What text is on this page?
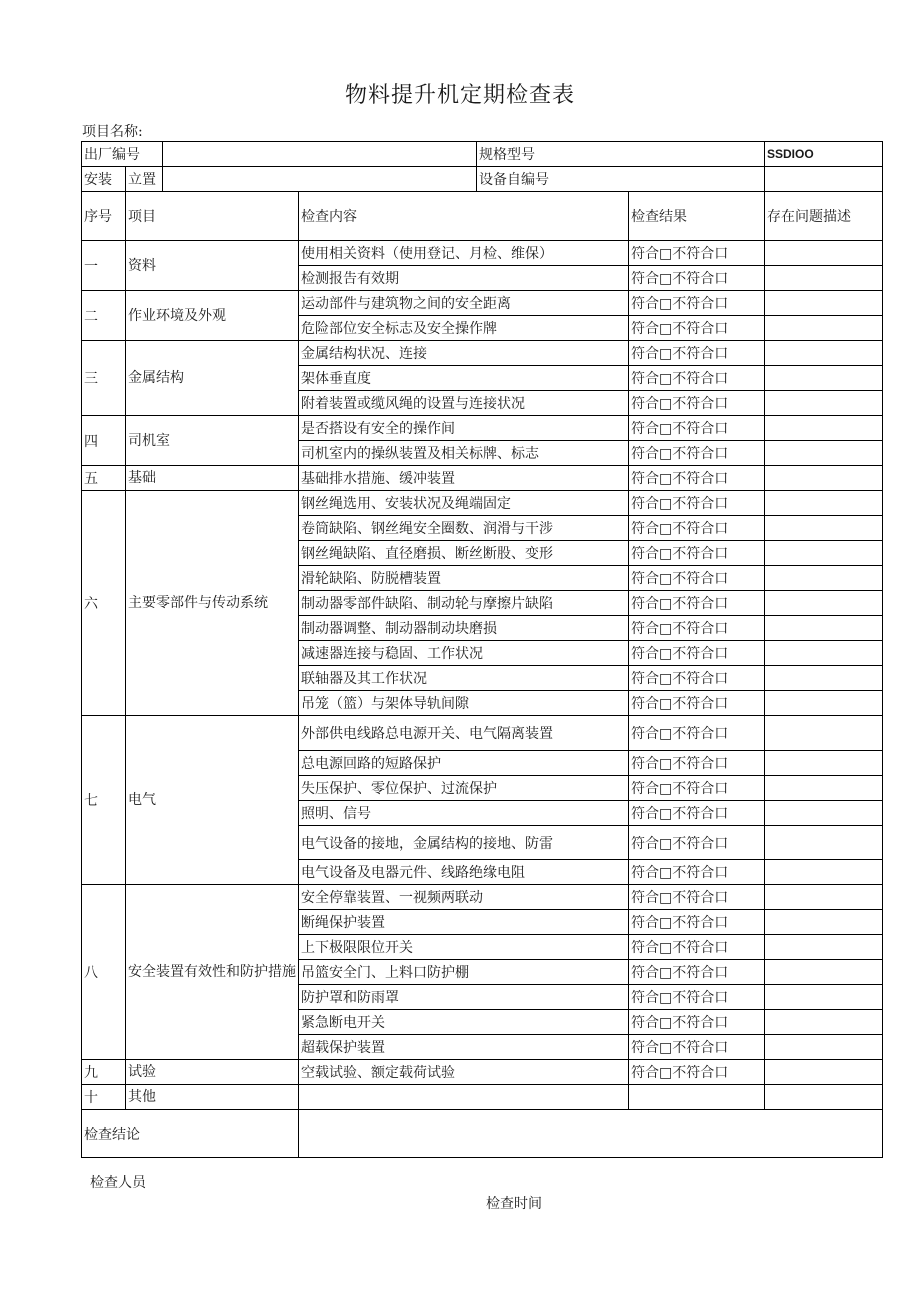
物料提升机定期检查表
项目名称:
出厂编号				规格型号		SSDIOO
安装	立置			设备自编号		
序号	项目		检查内容		检查结果	存在问题描述
一	资料		使用相关资料（使用登记、月检、维保）		符合□不符合口	
			检测报告有效期		符合□不符合口	
二	作业环境及外观		运动部件与建筑物之间的安全距离		符合□不符合口	
			危险部位安全标志及安全操作牌		符合□不符合口	
三	金属结构		金属结构状况、连接		符合□不符合口	
			架体垂直度		符合□不符合口	
			附着装置或缆风绳的设置与连接状况		符合□不符合口	
四	司机室		是否搭设有安全的操作间		符合□不符合口	
			司机室内的操纵装置及相关标牌、标志		符合□不符合口	
五	基础		基础排水措施、缓冲装置		符合□不符合口	
六	主要零部件与传动系统		钢丝绳选用、安装状况及绳端固定		符合□不符合口	
			卷筒缺陷、钢丝绳安全圈数、润滑与干涉		符合□不符合口	
			钢丝绳缺陷、直径磨损、断丝断股、变形		符合□不符合口	
			滑轮缺陷、防脱槽装置		符合□不符合口	
			制动器零部件缺陷、制动轮与摩擦片缺陷		符合□不符合口	
			制动器调整、制动器制动块磨损		符合□不符合口	
			减速器连接与稳固、工作状况		符合□不符合口	
			联轴器及其工作状况		符合□不符合口	
			吊笼（篮）与架体导轨间隙		符合□不符合口	
七	电气		外部供电线路总电源开关、电气隔离装置		符合□不符合口	
			总电源回路的短路保护		符合□不符合口	
			失压保护、零位保护、过流保护		符合□不符合口	
			照明、信号		符合□不符合口	
			电气设备的接地，金属结构的接地、防雷		符合□不符合口	
			电气设备及电器元件、线路绝缘电阻		符合□不符合口	
八	安全装置有效性和防护措施		安全停靠装置、一视频两联动		符合□不符合口	
			断绳保护装置		符合□不符合口	
			上下极限限位开关		符合□不符合口	
			吊篮安全门、上料口防护棚		符合□不符合口	
			防护罩和防雨罩		符合□不符合口	
			紧急断电开关		符合□不符合口	
			超载保护装置		符合□不符合口	
九	试验		空载试验、额定载荷试验		符合□不符合口	
十	其他					
检查结论						
检查人员
检查时间
